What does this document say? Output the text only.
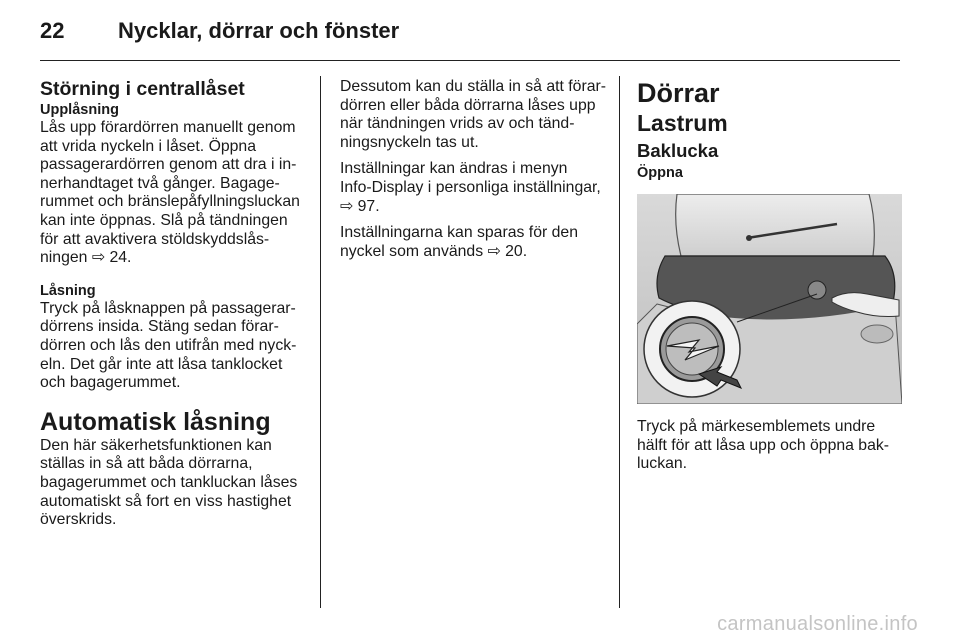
22 Nycklar, dörrar och fönster

Störning i centrallåset

Upplåsning

Lås upp förardörren manuellt genom

att vrida nyckeln i låset. Öppna

passagerardörren genom att dra i in-

nerhandtaget två gånger. Bagage-

rummet och bränslepåfyllningsluckan

kan inte öppnas. Slå på tändningen

för att avaktivera stöldskyddslås-

ningen ⇨ 24.

Låsning

Tryck på låsknappen på passagerar-

dörrens insida. Stäng sedan förar-

dörren och lås den utifrån med nyck-

eln. Det går inte att låsa tanklocket

och bagagerummet.

Automatisk låsning

Den här säkerhetsfunktionen kan

ställas in så att båda dörrarna,

bagagerummet och tankluckan låses

automatiskt så fort en viss hastighet

överskrids.

Dessutom kan du ställa in så att förar-

dörren eller båda dörrarna låses upp

när tändningen vrids av och tänd-

ningsnyckeln tas ut.

Inställningar kan ändras i menyn

Info-Display i personliga inställningar,

⇨ 97.

Inställningarna kan sparas för den

nyckel som används ⇨ 20.

Dörrar

Lastrum

Baklucka

Öppna

Tryck på märkesemblemets undre

hälft för att låsa upp och öppna bak-

luckan.

carmanualsonline.info
